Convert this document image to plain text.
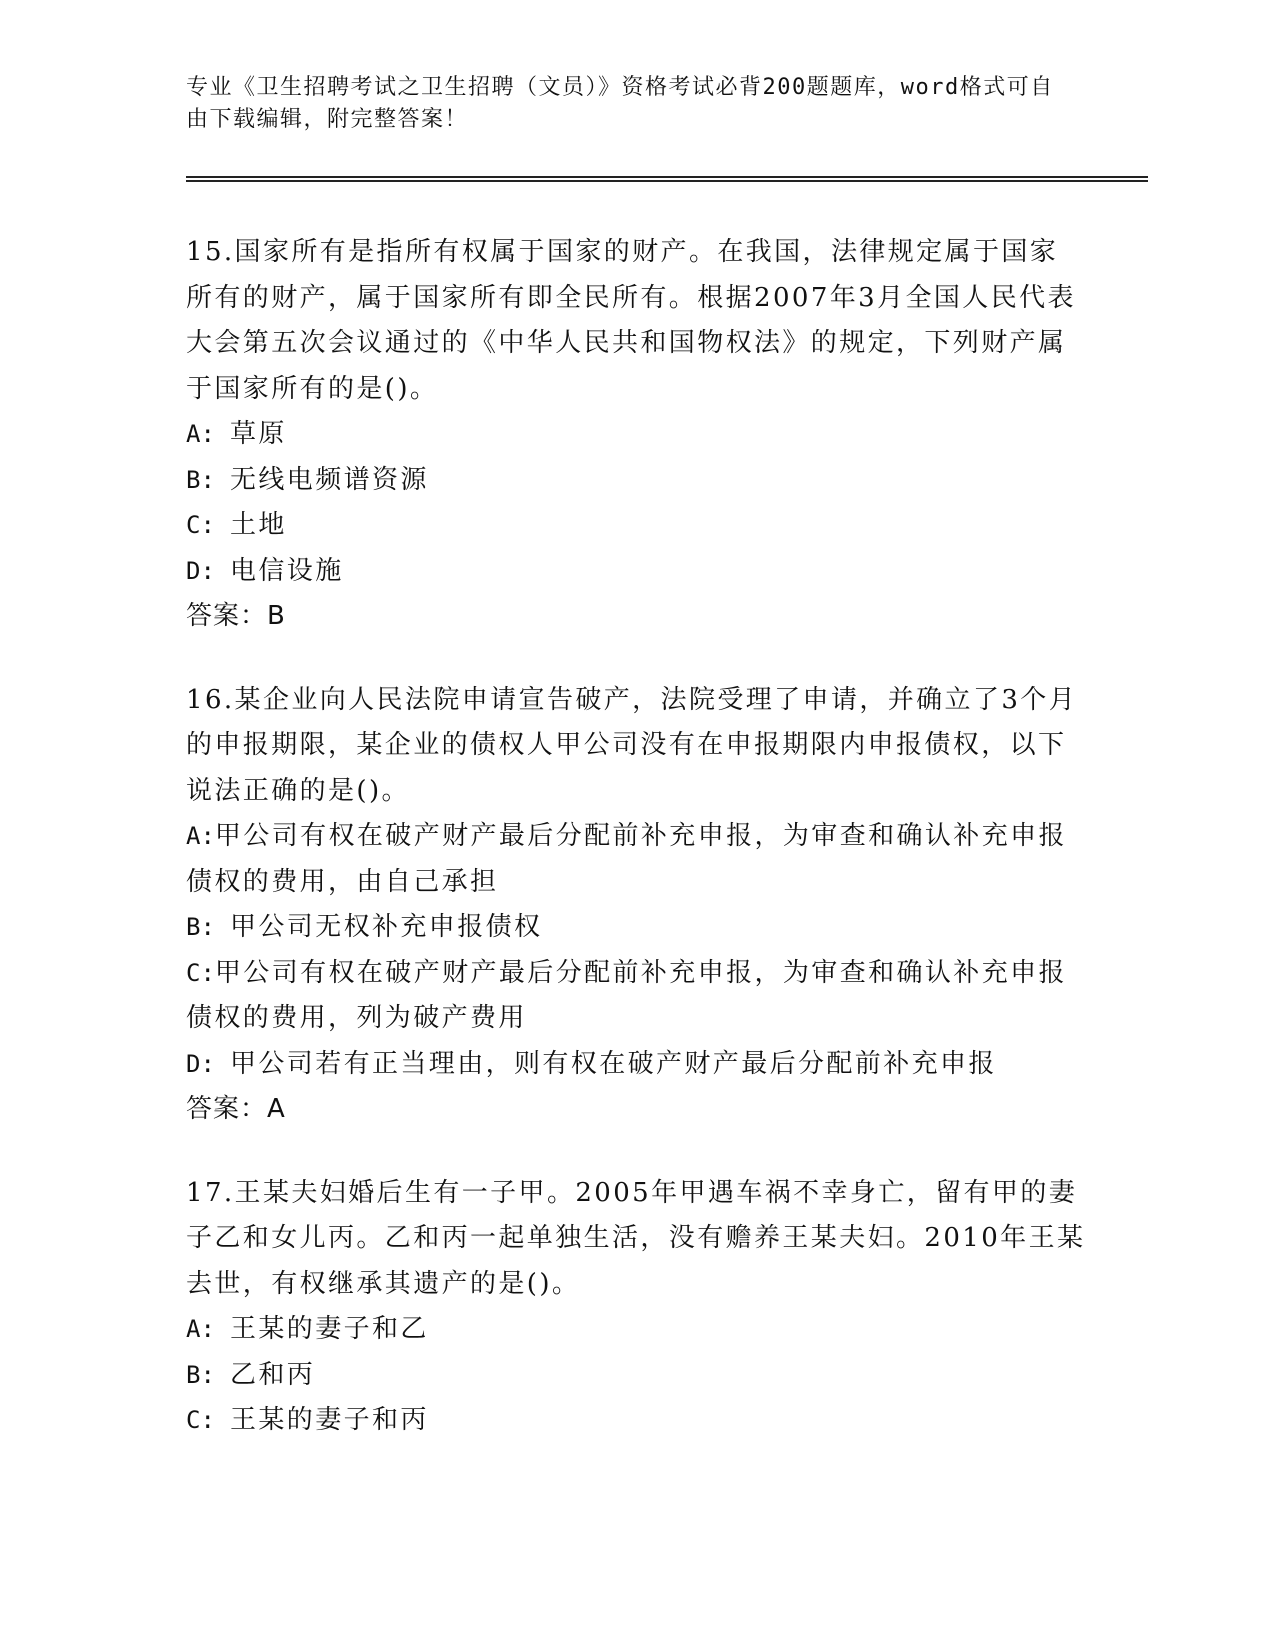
专业《卫生招聘考试之卫生招聘（文员）》资格考试必背200题题库，word格式可自由下载编辑，附完整答案！

15.国家所有是指所有权属于国家的财产。在我国，法律规定属于国家所有的财产，属于国家所有即全民所有。根据2007年3月全国人民代表大会第五次会议通过的《中华人民共和国物权法》的规定，下列财产属于国家所有的是()。

A: 草原
B: 无线电频谱资源
C: 土地
D: 电信设施

答案：B

16.某企业向人民法院申请宣告破产，法院受理了申请，并确立了3个月的申报期限，某企业的债权人甲公司没有在申报期限内申报债权，以下说法正确的是()。

A:甲公司有权在破产财产最后分配前补充申报，为审查和确认补充申报债权的费用，由自己承担
B: 甲公司无权补充申报债权
C:甲公司有权在破产财产最后分配前补充申报，为审查和确认补充申报债权的费用，列为破产费用
D: 甲公司若有正当理由，则有权在破产财产最后分配前补充申报

答案：A

17.王某夫妇婚后生有一子甲。2005年甲遇车祸不幸身亡，留有甲的妻子乙和女儿丙。乙和丙一起单独生活，没有赡养王某夫妇。2010年王某去世，有权继承其遗产的是()。

A: 王某的妻子和乙
B: 乙和丙
C: 王某的妻子和丙
